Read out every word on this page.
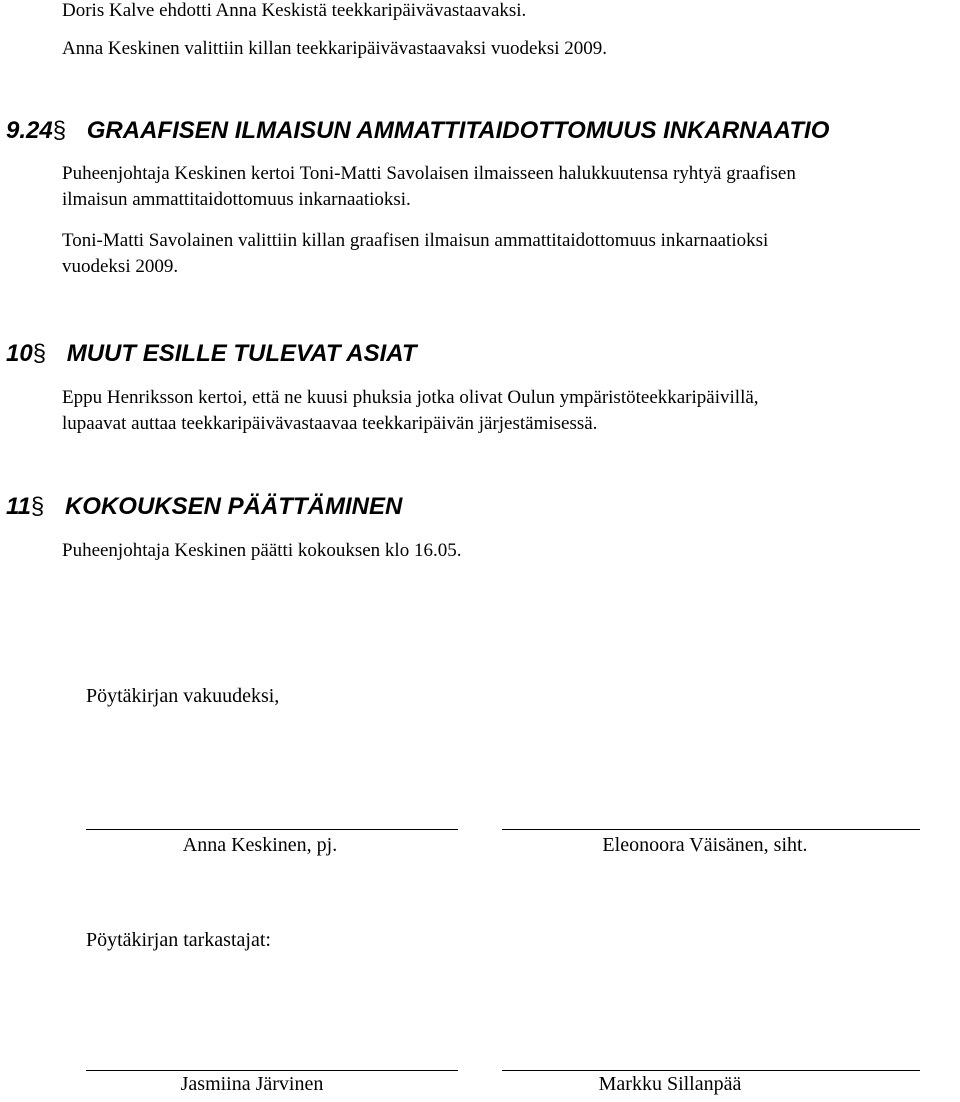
Doris Kalve ehdotti Anna Keskistä teekkaripäivävastaavaksi.
Anna Keskinen valittiin killan teekkaripäivävastaavaksi vuodeksi 2009.
9.24§ GRAAFISEN ILMAISUN AMMATTITAIDOTTOMUUS INKARNAATIO
Puheenjohtaja Keskinen kertoi Toni-Matti Savolaisen ilmaisseen halukkuutensa ryhtyä graafisen
ilmaisun ammattitaidottomuus inkarnaatioksi.
Toni-Matti Savolainen valittiin killan graafisen ilmaisun ammattitaidottomuus inkarnaatioksi
vuodeksi 2009.
10§ MUUT ESILLE TULEVAT ASIAT
Eppu Henriksson kertoi, että ne kuusi phuksia jotka olivat Oulun ympäristöteekkaripäivillä,
lupaavat auttaa teekkaripäivävastaavaa teekkaripäivän järjestämisessä.
11§ KOKOUKSEN PÄÄTTÄMINEN
Puheenjohtaja Keskinen päätti kokouksen klo 16.05.
Pöytäkirjan vakuudeksi,
Anna Keskinen, pj.	Eleonoora Väisänen, siht.
Pöytäkirjan tarkastajat:
Jasmiina Järvinen	Markku Sillanpää
